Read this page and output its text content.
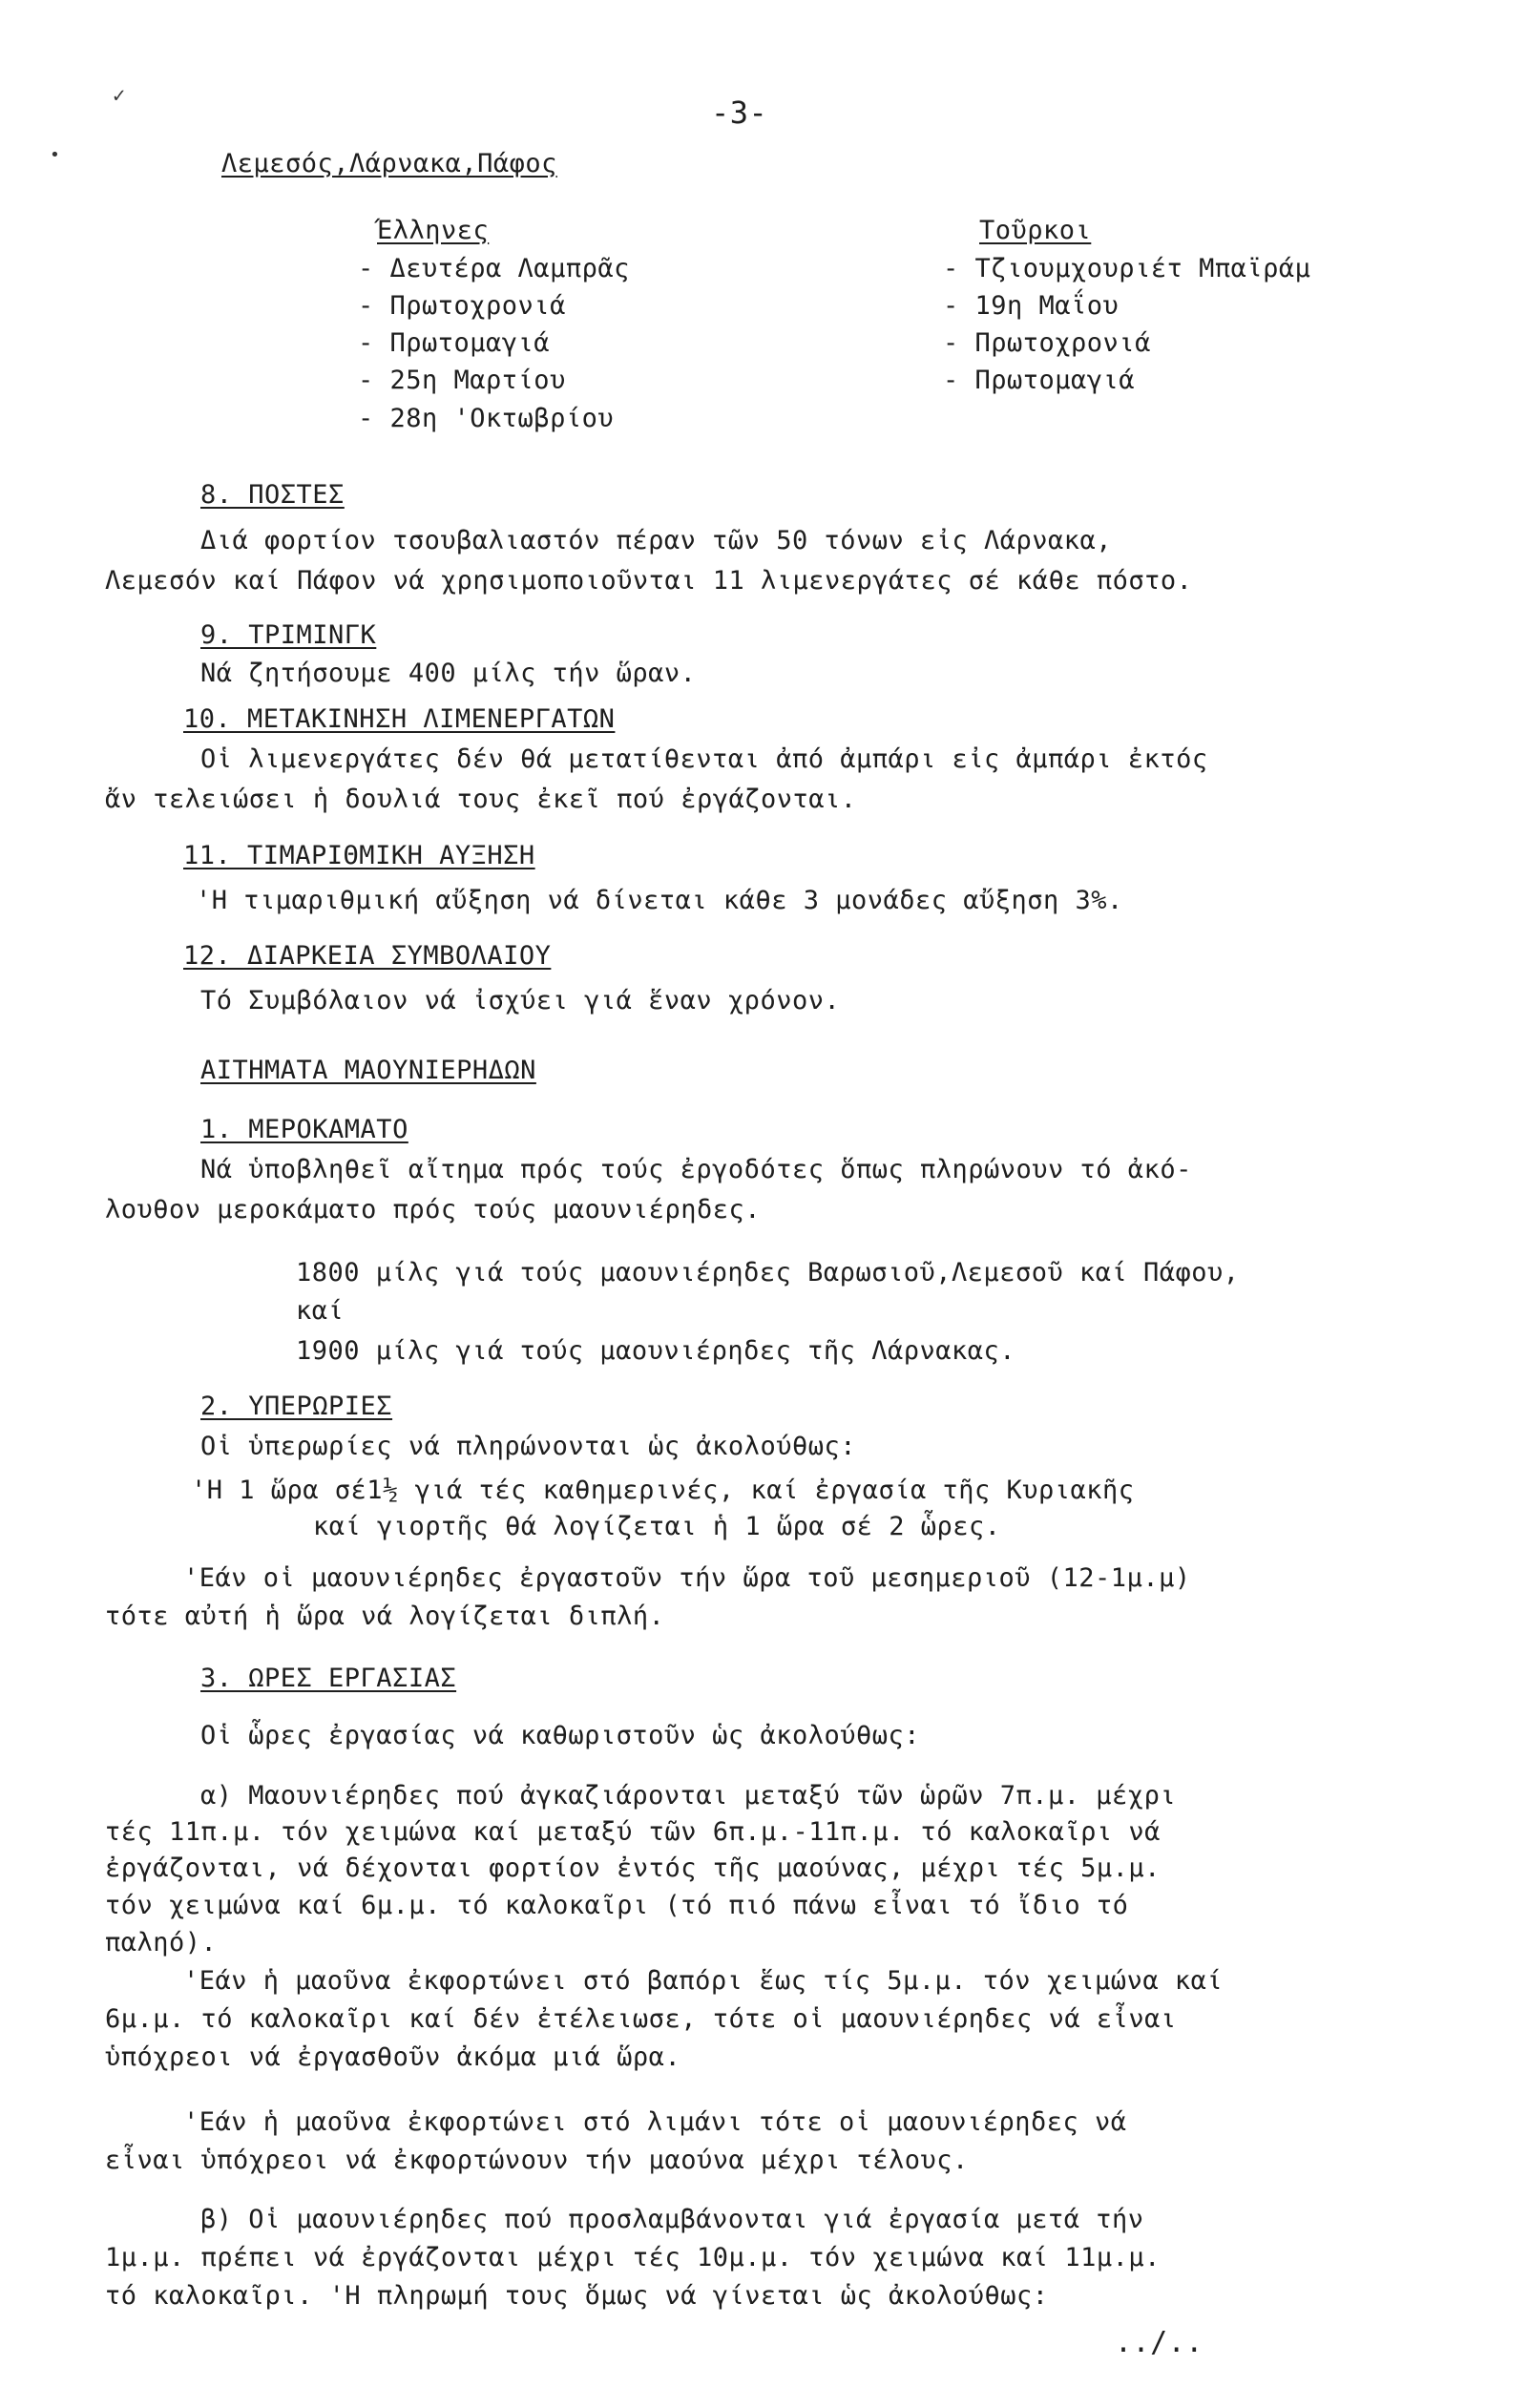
✓
•
-3-
Λεμεσός,Λάρνακα,Πάφος
Έλληνες
- Δευτέρα Λαμπρᾶς
- Πρωτοχρονιά
- Πρωτομαγιά
- 25η Μαρτίου
- 28η 'Οκτωβρίου
Τοῦρκοι
- Τζιουμχουριέτ Μπαϊράμ
- 19η Μαΐου
- Πρωτοχρονιά
- Πρωτομαγιά
8. ΠΟΣΤΕΣ
Διά φορτίον τσουβαλιαστόν πέραν τῶν 50 τόνων εἰς Λάρνακα,
Λεμεσόν καί Πάφον νά χρησιμοποιοῦνται 11 λιμενεργάτες σέ κάθε πόστο.
9. ΤΡΙΜΙΝΓΚ
Νά ζητήσουμε 400 μίλς τήν ὥραν.
10. ΜΕΤΑΚΙΝΗΣΗ ΛΙΜΕΝΕΡΓΑΤΩΝ
Οἱ λιμενεργάτες δέν θά μετατίθενται ἀπό ἀμπάρι εἰς ἀμπάρι ἐκτός
ἄν τελειώσει ἡ δουλιά τους ἐκεῖ πού ἐργάζονται.
11. ΤΙΜΑΡΙΘΜΙΚΗ ΑΥΞΗΣΗ
'Η τιμαριθμική αὔξηση νά δίνεται κάθε 3 μονάδες αὔξηση 3%.
12. ΔΙΑΡΚΕΙΑ ΣΥΜΒΟΛΑΙΟΥ
Τό Συμβόλαιον νά ἰσχύει γιά ἕναν χρόνον.
ΑΙΤΗΜΑΤΑ ΜΑΟΥΝΙΕΡΗΔΩΝ
1. ΜΕΡΟΚΑΜΑΤΟ
Νά ὑποβληθεῖ αἴτημα πρός τούς ἐργοδότες ὅπως πληρώνουν τό ἀκό-
λουθον μεροκάματο πρός τούς μαουνιέρηδες.
1800 μίλς γιά τούς μαουνιέρηδες Βαρωσιοῦ,Λεμεσοῦ καί Πάφου,
καί
1900 μίλς γιά τούς μαουνιέρηδες τῆς Λάρνακας.
2. ΥΠΕΡΩΡΙΕΣ
Οἱ ὑπερωρίες νά πληρώνονται ὡς ἀκολούθως:
'Η 1 ὥρα σέ1½ γιά τές καθημερινές, καί ἐργασία τῆς Κυριακῆς
καί γιορτῆς θά λογίζεται ἡ 1 ὥρα σέ 2 ὧρες.
'Εάν οἱ μαουνιέρηδες ἐργαστοῦν τήν ὥρα τοῦ μεσημεριοῦ (12-1μ.μ)
τότε αὐτή ἡ ὥρα νά λογίζεται διπλή.
3. ΩΡΕΣ ΕΡΓΑΣΙΑΣ
Οἱ ὧρες ἐργασίας νά καθωριστοῦν ὡς ἀκολούθως:
α) Μαουνιέρηδες πού ἀγκαζιάρονται μεταξύ τῶν ὡρῶν 7π.μ. μέχρι
τές 11π.μ. τόν χειμώνα καί μεταξύ τῶν 6π.μ.-11π.μ. τό καλοκαῖρι νά
ἐργάζονται, νά δέχονται φορτίον ἐντός τῆς μαούνας, μέχρι τές 5μ.μ.
τόν χειμώνα καί 6μ.μ. τό καλοκαῖρι (τό πιό πάνω εἶναι τό ἴδιο τό
παληό).
'Εάν ἡ μαοῦνα ἐκφορτώνει στό βαπόρι ἕως τίς 5μ.μ. τόν χειμώνα καί
6μ.μ. τό καλοκαῖρι καί δέν ἐτέλειωσε, τότε οἱ μαουνιέρηδες νά εἶναι
ὑπόχρεοι νά ἐργασθοῦν ἀκόμα μιά ὥρα.
'Εάν ἡ μαοῦνα ἐκφορτώνει στό λιμάνι τότε οἱ μαουνιέρηδες νά
εἶναι ὑπόχρεοι νά ἐκφορτώνουν τήν μαούνα μέχρι τέλους.
β) Οἱ μαουνιέρηδες πού προσλαμβάνονται γιά ἐργασία μετά τήν
1μ.μ. πρέπει νά ἐργάζονται μέχρι τές 10μ.μ. τόν χειμώνα καί 11μ.μ.
τό καλοκαῖρι. 'Η πληρωμή τους ὅμως νά γίνεται ὡς ἀκολούθως:
../..
